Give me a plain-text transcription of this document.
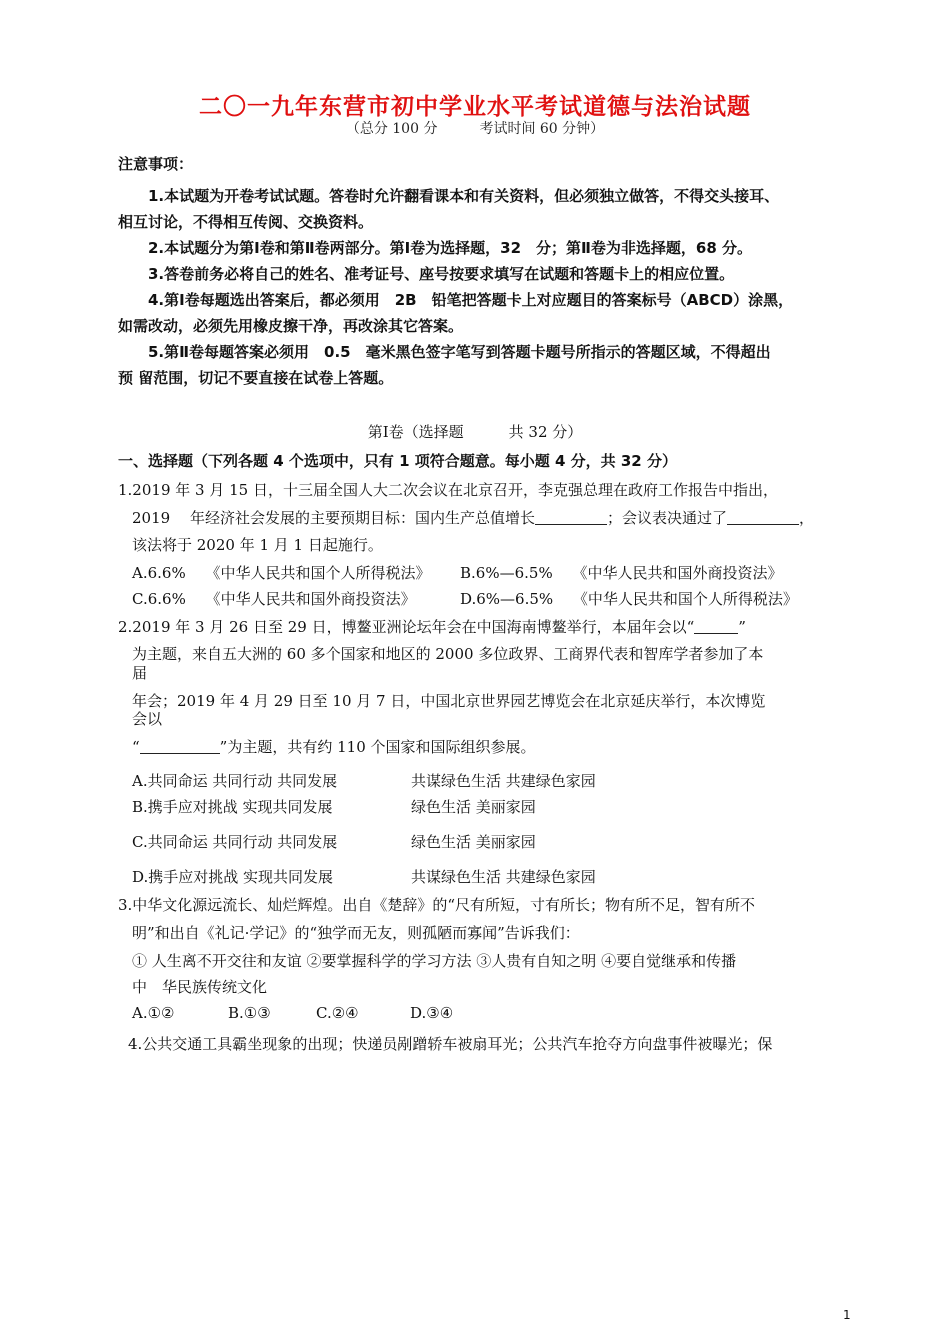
二〇一九年东营市初中学业水平考试道德与法治试题
（总分 100 分　　　考试时间 60 分钟）
注意事项：

1.本试题为开卷考试试题。答卷时允许翻看课本和有关资料，但必须独立做答，不得交头接耳、
相互讨论，不得相互传阅、交换资料。

2.本试题分为第Ⅰ卷和第Ⅱ卷两部分。第Ⅰ卷为选择题，32　分；第Ⅱ卷为非选择题，68 分。

3.答卷前务必将自己的姓名、准考证号、座号按要求填写在试题和答题卡上的相应位置。

4.第Ⅰ卷每题选出答案后，都必须用　2B　铅笔把答题卡上对应题目的答案标号（ABCD）涂黑，
如需改动，必须先用橡皮擦干净，再改涂其它答案。

5.第Ⅱ卷每题答案必须用　0.5　毫米黑色签字笔写到答题卡题号所指示的答题区域，不得超出
预 留范围，切记不要直接在试卷上答题。

第Ⅰ卷（选择题　　　共 32 分）
一、选择题（下列各题 4 个选项中，只有 1 项符合题意。每小题 4 分，共 32 分）
1.2019 年 3 月 15 日，十三届全国人大二次会议在北京召开，李克强总理在政府工作报告中指出，
2019　 年经济社会发展的主要预期目标：国内生产总值增长	；会议表决通过了	，
该法将于 2020 年 1 月 1 日起施行。
A.6.6%　 《中华人民共和国个人所得税法》 B.6%—6.5%　 《中华人民共和国外商投资法》
C.6.6%　 《中华人民共和国外商投资法》	D.6%—6.5%　 《中华人民共和国个人所得税法》
2.2019 年 3 月 26 日至 29 日，博鳌亚洲论坛年会在中国海南博鳌举行，本届年会以“	”
为主题，来自五大洲的 60 多个国家和地区的 2000 多位政界、工商界代表和智库学者参加了本
届
年会；2019 年 4 月 29 日至 10 月 7 日，中国北京世界园艺博览会在北京延庆举行，本次博览
会以
“	”为主题，共有约 110 个国家和国际组织参展。
A.共同命运 共同行动 共同发展	共谋绿色生活 共建绿色家园
B.携手应对挑战 实现共同发展	绿色生活 美丽家园
C.共同命运 共同行动 共同发展	绿色生活 美丽家园
D.携手应对挑战 实现共同发展	共谋绿色生活 共建绿色家园
3.中华文化源远流长、灿烂辉煌。出自《楚辞》的“尺有所短，寸有所长；物有所不足，智有所不
明”和出自《礼记·学记》的“独学而无友，则孤陋而寡闻”告诉我们：
① 人生离不开交往和友谊 ②要掌握科学的学习方法 ③人贵有自知之明 ④要自觉继承和传播
中　华民族传统文化
A.①②	B.①③	C.②④	D.③④
4.公共交通工具霸坐现象的出现；快递员剐蹭轿车被扇耳光；公共汽车抢夺方向盘事件被曝光；保
1
